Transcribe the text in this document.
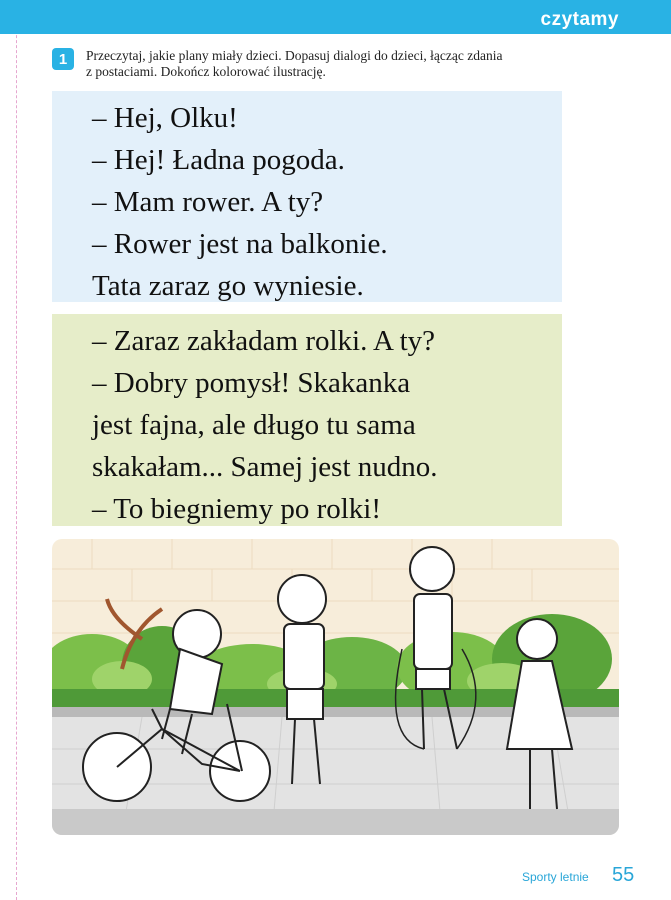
czytamy
1	Przeczytaj, jakie plany miały dzieci. Dopasuj dialogi do dzieci, łącząc zdania
z postaciami. Dokończ kolorować ilustrację.
– Hej, Olku!
– Hej! Ładna pogoda.
– Mam rower. A ty?
– Rower jest na balkonie.
Tata zaraz go wyniesie.
– Zaraz zakładam rolki. A ty?
– Dobry pomysł! Skakanka
jest fajna, ale długo tu sama
skakałam... Samej jest nudno.
– To biegniemy po rolki!
Sporty letnie 55
